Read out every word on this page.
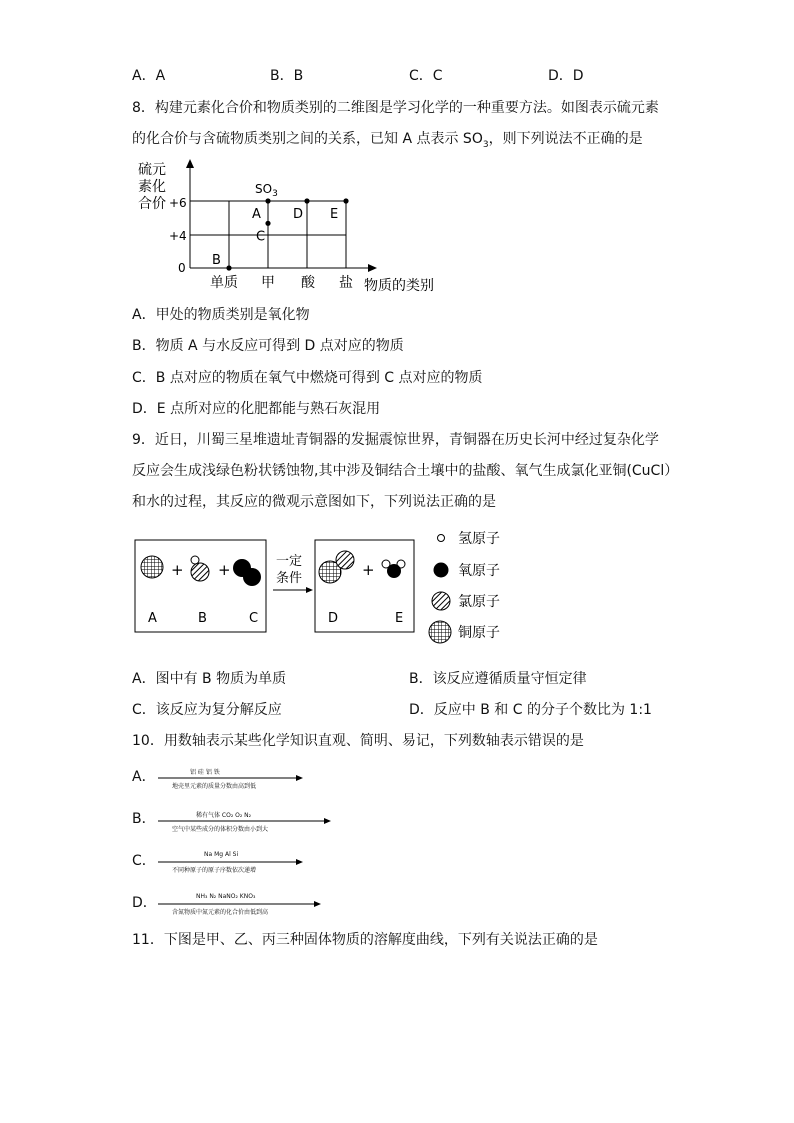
A．A	B．B	C．C	D．D
8．构建元素化合价和物质类别的二维图是学习化学的一种重要方法。如图表示硫元素
的化合价与含硫物质类别之间的关系，已知 A 点表示 $SO_3$，则下列说法不正确的是
硫元
素化
合价 +6
+4
0
$SO_3$
A
B
C
D E
单质 甲 酸 盐 物质的类别
A．甲处的物质类别是氧化物
B．物质 A 与水反应可得到 D 点对应的物质
C．B 点对应的物质在氧气中燃烧可得到 C 点对应的物质
D．E 点所对应的化肥都能与熟石灰混用
9．近日，川蜀三星堆遗址青铜器的发掘震惊世界，青铜器在历史长河中经过复杂化学
反应会生成浅绿色粉状锈蚀物,其中涉及铜结合土壤中的盐酸、氧气生成氯化亚铜(CuCl）
和水的过程，其反应的微观示意图如下，下列说法正确的是
+ +
A	B	C
一定
条件	+
D	E
氢原子
氧原子
氯原子
铜原子
A．图中有 B 物质为单质	B．该反应遵循质量守恒定律
C．该反应为复分解反应	D．反应中 B 和 C 的分子个数比为 1:1
10．用数轴表示某些化学知识直观、简明、易记，下列数轴表示错误的是
A．	铝 硅 铝 铁
地壳里元素的质量分数由高到低
B．	稀有气体 CO₂ O₂ N₂
空气中某些成分的体积分数由小到大
C．	Na Mg Al Si
不同种原子的原子序数依次递增
D．	NH₃ N₂ NaNO₂ KNO₃
含氮物质中氮元素的化合价由低到高
11．下图是甲、乙、丙三种固体物质的溶解度曲线，下列有关说法正确的是
